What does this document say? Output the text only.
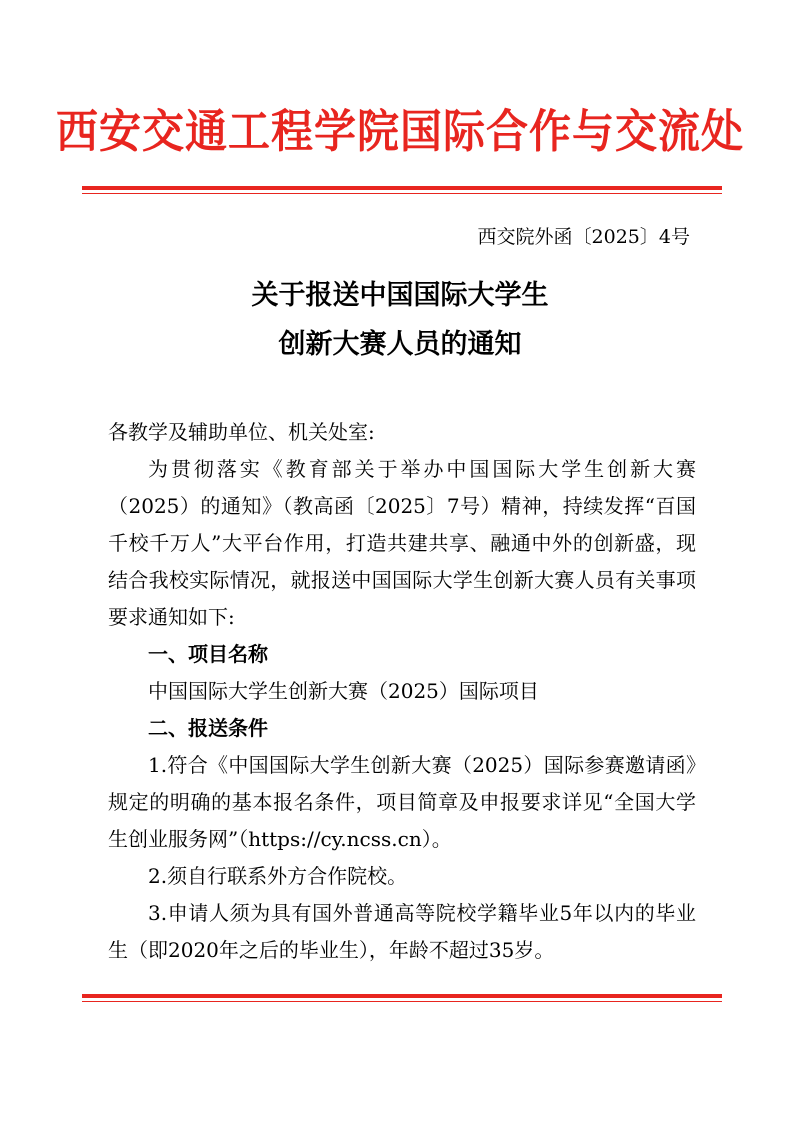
西安交通工程学院国际合作与交流处
西交院外函〔2025〕4号
关于报送中国国际大学生
创新大赛人员的通知

各教学及辅助单位、机关处室:

为贯彻落实《教育部关于举办中国国际大学生创新大赛（2025）的通知》（教高函〔2025〕7号）精神，持续发挥“百国千校千万人”大平台作用，打造共建共享、融通中外的创新盛，现结合我校实际情况，就报送中国国际大学生创新大赛人员有关事项要求通知如下:

一、项目名称

中国国际大学生创新大赛（2025）国际项目

二、报送条件

1.符合《中国国际大学生创新大赛（2025）国际参赛邀请函》规定的明确的基本报名条件，项目简章及申报要求详见“全国大学生创业服务网”（https://cy.ncss.cn）。

2.须自行联系外方合作院校。

3.申请人须为具有国外普通高等院校学籍毕业5年以内的毕业生（即2020年之后的毕业生），年龄不超过35岁。
